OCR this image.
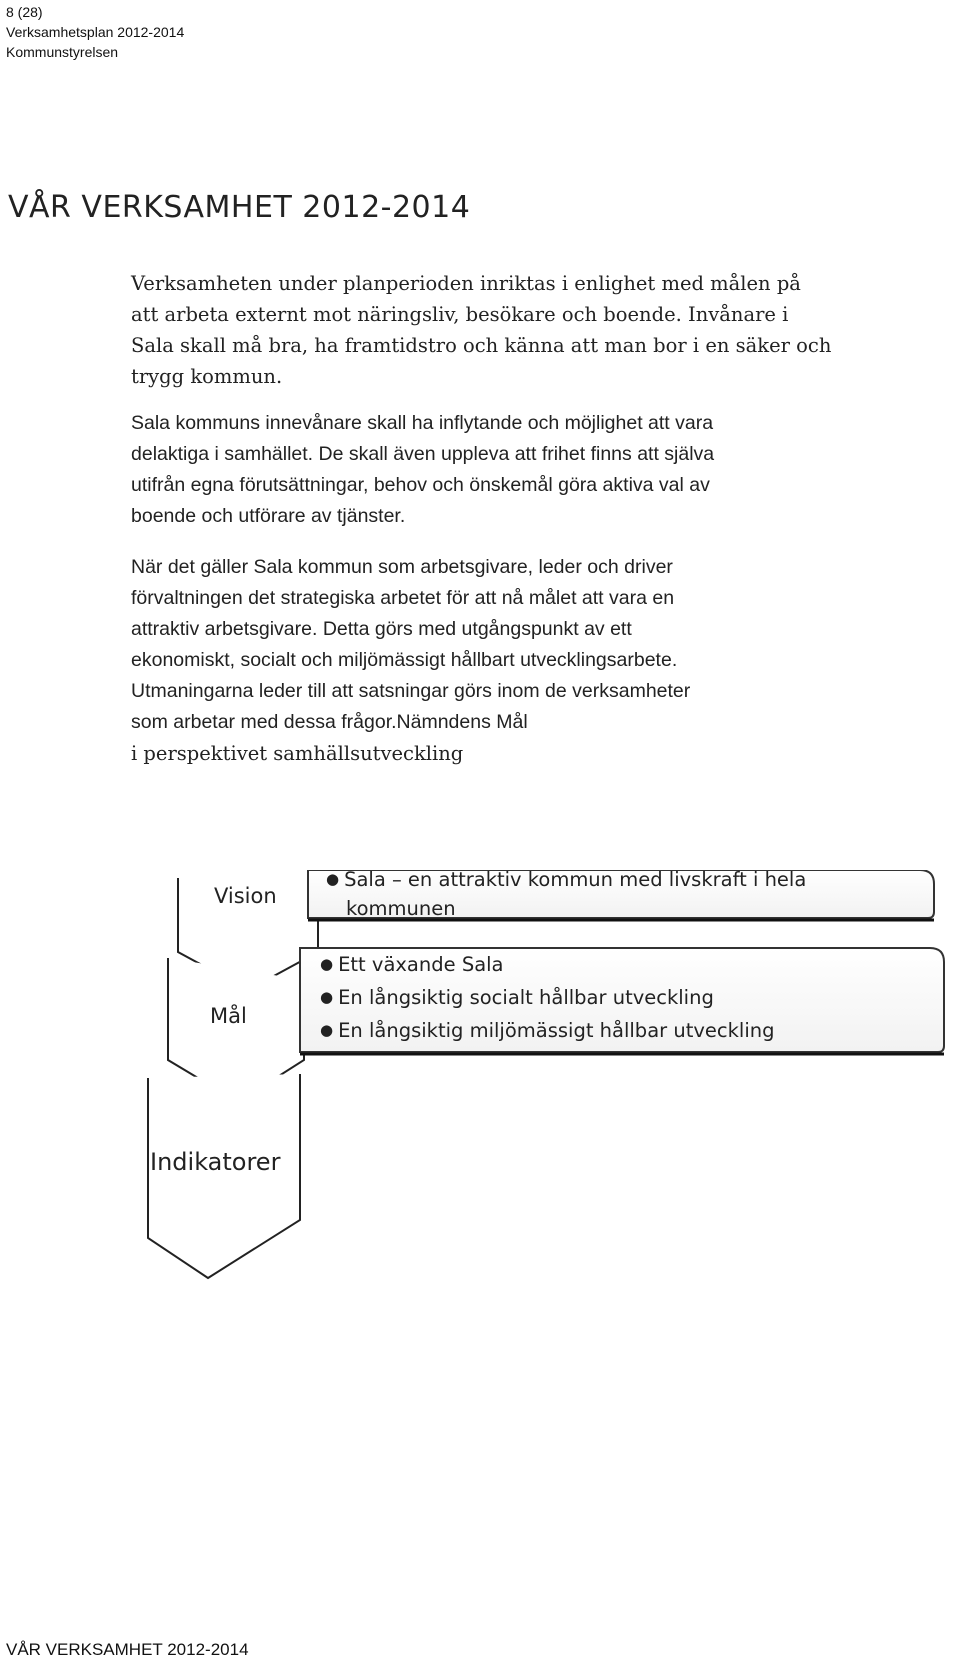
8 (28)
Verksamhetsplan 2012-2014
Kommunstyrelsen
VÅR VERKSAMHET 2012-2014

Verksamheten under planperioden inriktas i enlighet med målen på

att arbeta externt mot näringsliv, besökare och boende. Invånare i

Sala skall må bra, ha framtidstro och känna att man bor i en säker och

trygg kommun.

Sala kommuns innevånare skall ha inflytande och möjlighet att vara

delaktiga i samhället. De skall även uppleva att frihet finns att själva

utifrån egna förutsättningar, behov och önskemål göra aktiva val av

boende och utförare av tjänster.

När det gäller Sala kommun som arbetsgivare, leder och driver

förvaltningen det strategiska arbetet för att nå målet att vara en

attraktiv arbetsgivare. Detta görs med utgångspunkt av ett

ekonomiskt, socialt och miljömässigt hållbart utvecklingsarbete.

Utmaningarna leder till att satsningar görs inom de verksamheter

som arbetar med dessa frågor.Nämndens Mål

i perspektivet samhällsutveckling

Vision
Mål
Indikatorer
● Sala – en attraktiv kommun med livskraft i hela
kommunen
● Ett växande Sala
● En långsiktig socialt hållbar utveckling
● En långsiktig miljömässigt hållbar utveckling
VÅR VERKSAMHET 2012-2014
